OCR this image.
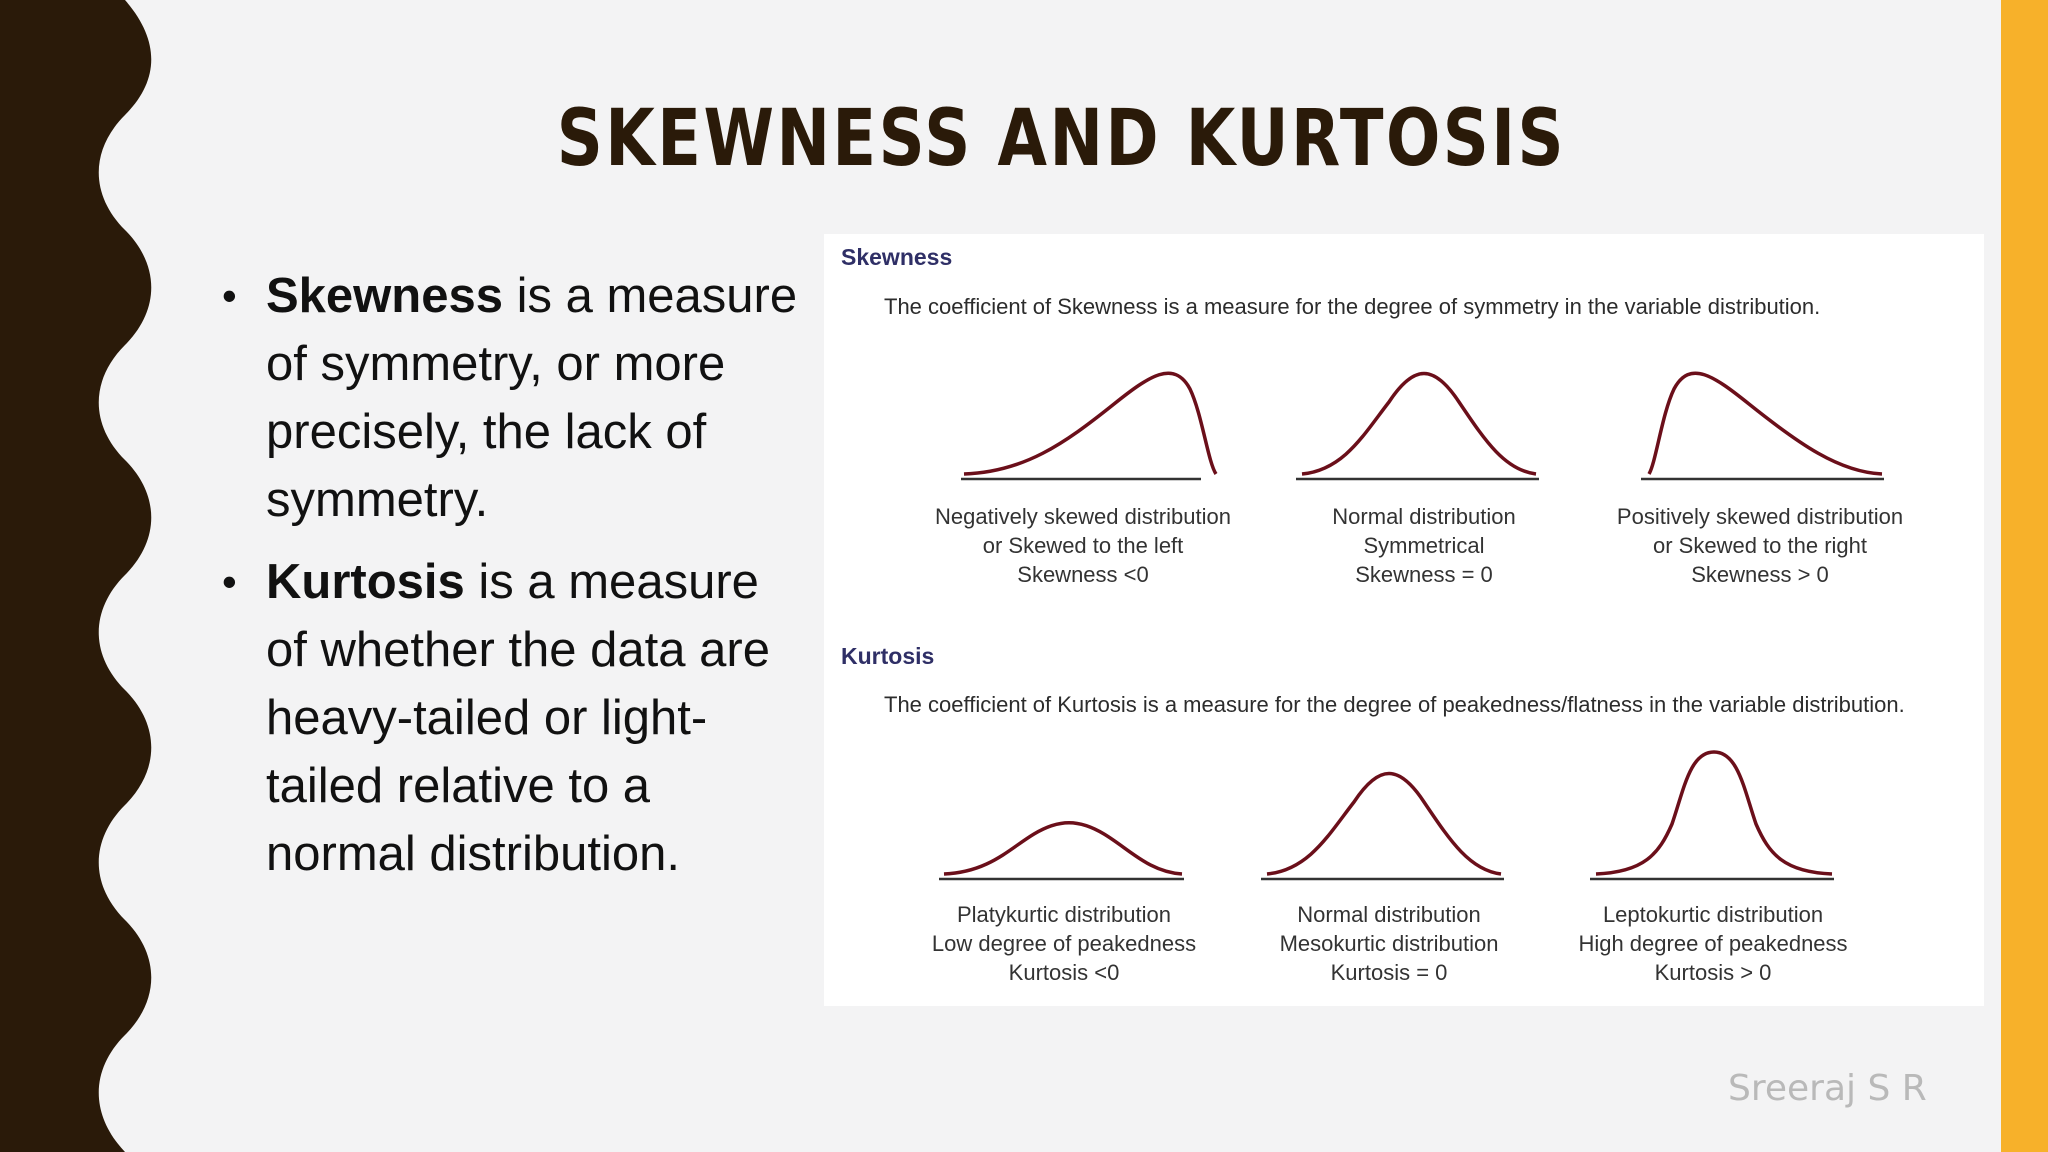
SKEWNESS AND KURTOSIS
• Skewness is a measure of symmetry, or more precisely, the lack of symmetry.
• Kurtosis is a measure of whether the data are heavy-tailed or light-tailed relative to a normal distribution.
Skewness
The coefficient of Skewness is a measure for the degree of symmetry in the variable distribution.
Negatively skewed distribution
or Skewed to the left
Skewness <0
Normal distribution
Symmetrical
Skewness = 0
Positively skewed distribution
or Skewed to the right
Skewness > 0
Kurtosis
The coefficient of Kurtosis is a measure for the degree of peakedness/flatness in the variable distribution.
Platykurtic distribution
Low degree of peakedness
Kurtosis <0
Normal distribution
Mesokurtic distribution
Kurtosis = 0
Leptokurtic distribution
High degree of peakedness
Kurtosis > 0
Sreeraj S R
